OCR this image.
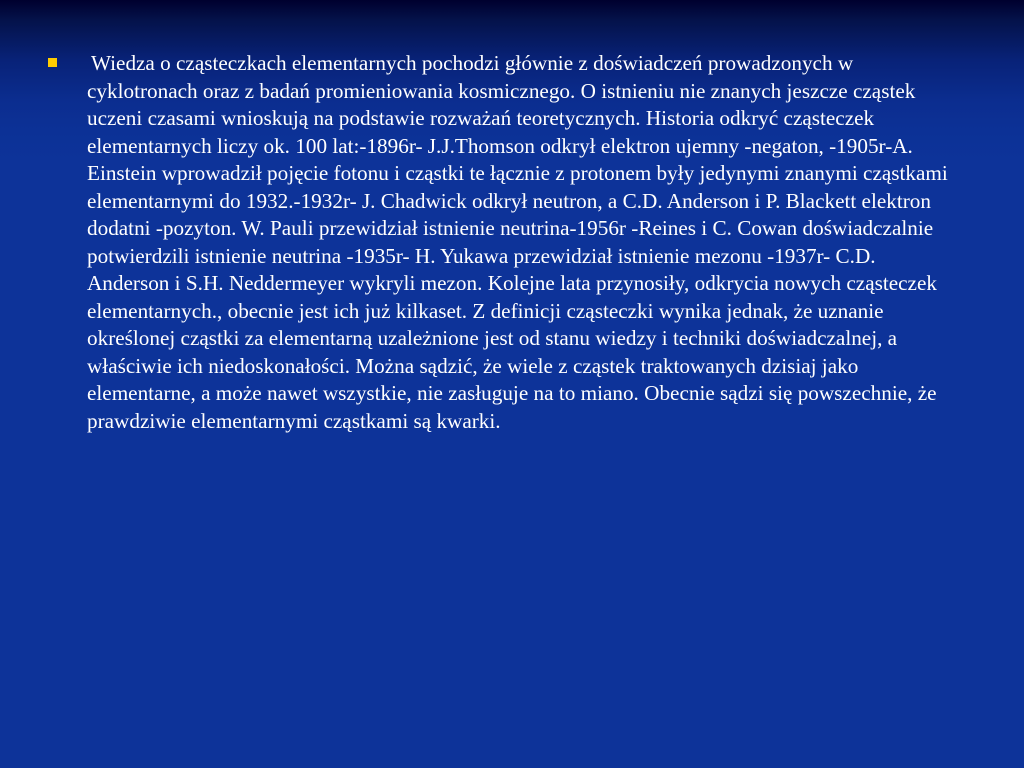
Wiedza o cząsteczkach elementarnych pochodzi głównie z doświadczeń prowadzonych w cyklotronach oraz z badań promieniowania kosmicznego. O istnieniu nie znanych jeszcze cząstek uczeni czasami wnioskują na podstawie rozważań teoretycznych. Historia odkryć cząsteczek elementarnych liczy ok. 100 lat:-1896r- J.J.Thomson odkrył elektron ujemny -negaton, -1905r-A. Einstein wprowadził pojęcie fotonu i cząstki te łącznie z protonem były jedynymi znanymi cząstkami elementarnymi do 1932.-1932r- J. Chadwick odkrył neutron, a C.D. Anderson i P. Blackett elektron dodatni -pozyton. W. Pauli przewidział istnienie neutrina-1956r -Reines i C. Cowan doświadczalnie potwierdzili istnienie neutrina -1935r- H. Yukawa przewidział istnienie mezonu -1937r- C.D. Anderson i S.H. Neddermeyer wykryli mezon. Kolejne lata przynosiły, odkrycia nowych cząsteczek elementarnych., obecnie jest ich już kilkaset. Z definicji cząsteczki wynika jednak, że uznanie określonej cząstki za elementarną uzależnione jest od stanu wiedzy i techniki doświadczalnej, a właściwie ich niedoskonałości. Można sądzić, że wiele z cząstek traktowanych dzisiaj jako elementarne, a może nawet wszystkie, nie zasługuje na to miano. Obecnie sądzi się powszechnie, że prawdziwie elementarnymi cząstkami są kwarki.
